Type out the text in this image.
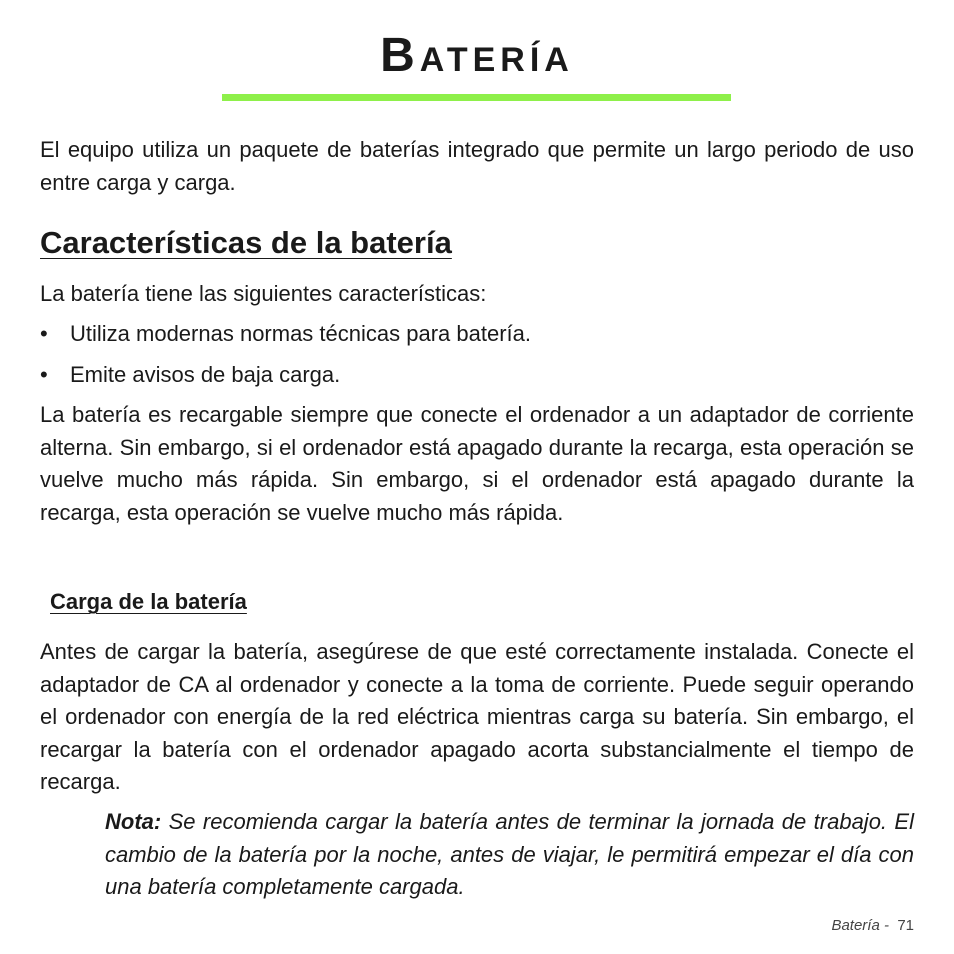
Batería

El equipo utiliza un paquete de baterías integrado que permite un largo periodo de uso entre carga y carga.

Características de la batería

La batería tiene las siguientes características:

• Utiliza modernas normas técnicas para batería.
• Emite avisos de baja carga.

La batería es recargable siempre que conecte el ordenador a un adaptador de corriente alterna. Sin embargo, si el ordenador está apagado durante la recarga, esta operación se vuelve mucho más rápida. Sin embargo, si el ordenador está apagado durante la recarga, esta operación se vuelve mucho más rápida.

Carga de la batería

Antes de cargar la batería, asegúrese de que esté correctamente instalada. Conecte el adaptador de CA al ordenador y conecte a la toma de corriente. Puede seguir operando el ordenador con energía de la red eléctrica mientras carga su batería. Sin embargo, el recargar la batería con el ordenador apagado acorta substancialmente el tiempo de recarga.

Nota: Se recomienda cargar la batería antes de terminar la jornada de trabajo. El cambio de la batería por la noche, antes de viajar, le permitirá empezar el día con una batería completamente cargada.

Batería - 71
